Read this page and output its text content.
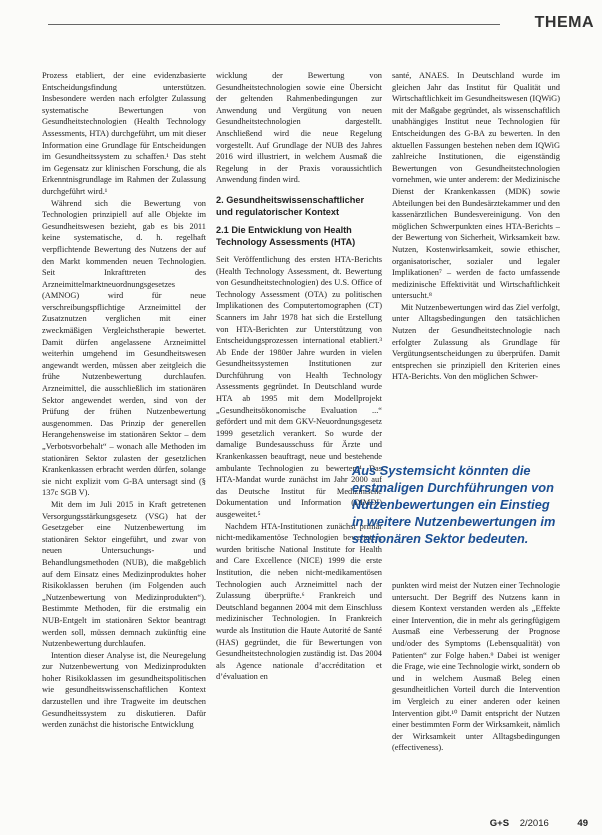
THEMA

Prozess etabliert, der eine evidenzbasierte Entscheidungsfindung unterstützen. Insbesondere werden nach erfolgter Zulassung systematische Bewertungen von Gesundheitstechnologien (Health Technology Assessments, HTA) durchgeführt, um mit dieser Information eine Grundlage für Entscheidungen im Gesundheitssystem zu schaffen.¹ Das steht im Gegensatz zur klinischen Forschung, die als Erkenntnisgrundlage im Rahmen der Zulassung durchgeführt wird.¹

Während sich die Bewertung von Technologien prinzipiell auf alle Objekte im Gesundheitswesen bezieht, gab es bis 2011 keine systematische, d. h. regelhaft verpflichtende Bewertung des Nutzens der auf den Markt kommenden neuen Technologien. Seit Inkrafttreten des Arzneimittelmarktneuordnungsgesetzes (AMNOG) wird für neue verschreibungspflichtige Arzneimittel der Zusatznutzen verglichen mit einer zweckmäßigen Vergleichstherapie bewertet. Damit dürfen angelassene Arzneimittel weiterhin umgehend im Gesundheitswesen angewandt werden, müssen aber zeitgleich die frühe Nutzenbewertung durchlaufen. Arzneimittel, die ausschließlich im stationären Sektor angewendet werden, sind von der Prüfung der frühen Nutzenbewertung ausgenommen. Das Prinzip der generellen Herangehensweise im stationären Sektor – dem „Verbotsvorbehalt“ – wonach alle Methoden im stationären Sektor zulasten der gesetzlichen Krankenkassen erbracht werden dürfen, solange sie nicht explizit vom G-BA untersagt sind (§ 137c SGB V).

Mit dem im Juli 2015 in Kraft getretenen Versorgungsstärkungsgesetz (VSG) hat der Gesetzgeber eine Nutzenbewertung im stationären Sektor eingeführt, und zwar von neuen Untersuchungs- und Behandlungsmethoden (NUB), die maßgeblich auf dem Einsatz eines Medizinproduktes hoher Risikoklassen beruhen (im Folgenden auch „Nutzenbewertung von Medizinprodukten“). Bestimmte Methoden, für die erstmalig ein NUB-Entgelt im stationären Sektor beantragt werden soll, müssen demnach zukünftig eine Nutzenbewertung durchlaufen.

Intention dieser Analyse ist, die Neuregelung zur Nutzenbewertung von Medizinprodukten hoher Risikoklassen im gesundheitspolitischen wie gesundheitswissenschaftlichen Kontext darzustellen und ihre Tragweite im deutschen Gesundheitssystem zu diskutieren. Dafür werden zunächst die historische Entwicklung

wicklung der Bewertung von Gesundheitstechnologien sowie eine Übersicht der geltenden Rahmenbedingungen zur Anwendung und Vergütung von neuen Gesundheitstechnologien dargestellt. Anschließend wird die neue Regelung vorgestellt. Auf Grundlage der NUB des Jahres 2016 wird illustriert, in welchem Ausmaß die Regelung in der Praxis voraussichtlich Anwendung finden wird.

2. Gesundheitswissenschaftlicher und regulatorischer Kontext
2.1 Die Entwicklung von Health Technology Assessments (HTA)

Seit Veröffentlichung des ersten HTA-Berichts (Health Technology Assessment, dt. Bewertung von Gesundheitstechnologien) des U.S. Office of Technology Assessment (OTA) zu politischen Implikationen des Computertomographen (CT) Scanners im Jahr 1978 hat sich die Erstellung von HTA-Berichten zur Unterstützung von Entscheidungsprozessen international etabliert.³ Ab Ende der 1980er Jahre wurden in vielen Gesundheitssystemen Institutionen zur Durchführung von Health Technology Assessments gegründet. In Deutschland wurde HTA ab 1995 mit dem Modellprojekt „Gesundheitsökonomische Evaluation ...“ gefördert und mit dem GKV-Neuordnungsgesetz 1999 gesetzlich verankert. So wurde der damalige Bundesausschuss für Ärzte und Krankenkassen beauftragt, neue und bestehende ambulante Technologien zu bewerten.⁴ Das HTA-Mandat wurde zunächst im Jahr 2000 auf das Deutsche Institut für Medizinische Dokumentation und Information (DIMDI) ausgeweitet.⁵

Nachdem HTA-Institutionen zunächst primär nicht-medikamentöse Technologien bewerteten, wurden britische National Institute for Health and Care Excellence (NICE) 1999 die erste Institution, die neben nicht-medikamentösen Technologien auch Arzneimittel nach der Zulassung überprüfte.⁶ Frankreich und Deutschland begannen 2004 mit dem Einschluss medizinischer Technologien. In Frankreich wurde als Institution die Haute Autorité de Santé (HAS) gegründet, die für Bewertungen von Gesundheitstechnologien zuständig ist. Das 2004 als Agence nationale d’accréditation et d’évaluation en

santé, ANAES. In Deutschland wurde im gleichen Jahr das Institut für Qualität und Wirtschaftlichkeit im Gesundheitswesen (IQWiG) mit der Maßgabe gegründet, als wissenschaftlich unabhängiges Institut neue Technologien für Entscheidungen des G-BA zu bewerten. In den aktuellen Fassungen bestehen neben dem IQWiG zahlreiche Institutionen, die eigenständig Bewertungen von Gesundheitstechnologien vornehmen, wie unter anderem: der Medizinische Dienst der Krankenkassen (MDK) sowie Abteilungen bei den Bundesärztekammer und den kassenärztlichen Bundesvereinigung. Von den möglichen Schwerpunkten eines HTA-Berichts – der Bewertung von Sicherheit, Wirksamkeit bzw. Nutzen, Kostenwirksamkeit, sowie ethischer, organisatorischer, sozialer und legaler Implikationen⁷ – werden de facto umfassende medizinische Effektivität und Wirtschaftlichkeit untersucht.⁸

Mit Nutzenbewertungen wird das Ziel verfolgt, unter Alltagsbedingungen den tatsächlichen Nutzen der Gesundheitstechnologie nach erfolgter Zulassung als Grundlage für Vergütungsentscheidungen zu überprüfen. Damit entsprechen sie prinzipiell den Kriterien eines HTA-Berichts. Von den möglichen Schwer-

Aus Systemsicht könnten die erstmaligen Durchführungen von Nutzenbewertungen ein Einstieg in weitere Nutzenbewertungen im stationären Sektor bedeuten.

punkten wird meist der Nutzen einer Technologie untersucht. Der Begriff des Nutzens kann in diesem Kontext verstanden werden als „Effekte einer Intervention, die in mehr als geringfügigem Ausmaß eine Verbesserung der Prognose und/oder des Symptoms (Lebensqualität) von Patienten“ zur Folge haben.⁹ Dabei ist weniger die Frage, wie eine Technologie wirkt, sondern ob und in welchem Ausmaß Beleg einen gesundheitlichen Vorteil durch die Intervention im Vergleich zu einer anderen oder keinen Intervention gibt.¹⁰ Damit entspricht der Nutzen einer bestimmten Form der Wirksamkeit, nämlich der Wirksamkeit unter Alltagsbedingungen (effectiveness).

G+S 2/2016	49
